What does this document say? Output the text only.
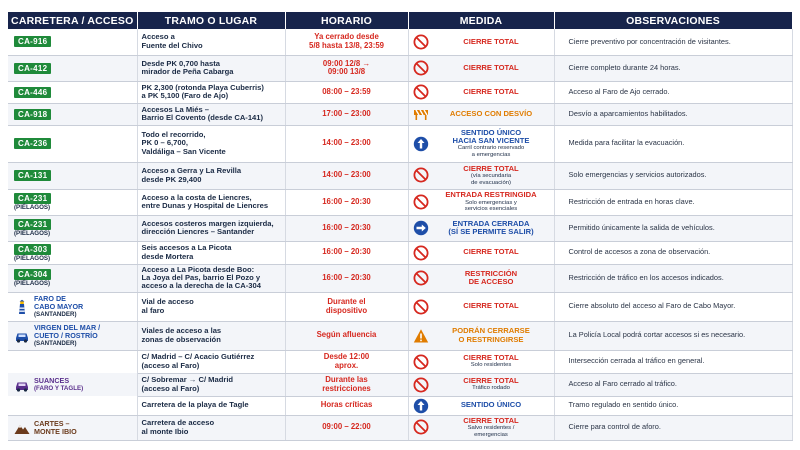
CARRETERA / ACCESO	TRAMO O LUGAR	HORARIO	MEDIDA	OBSERVACIONES
CA-916	Acceso a
Fuente del Chivo	Ya cerrado desde
5/8 hasta 13/8, 23:59	CIERRE TOTAL	Cierre preventivo por concentración de visitantes.
CA-412	Desde PK 0,700 hasta
mirador de Peña Cabarga	09:00 12/8 →
09:00 13/8	CIERRE TOTAL	Cierre completo durante 24 horas.
CA-446	PK 2,300 (rotonda Playa Cuberris)
a PK 5,100 (Faro de Ajo)	08:00 – 23:59	CIERRE TOTAL	Acceso al Faro de Ajo cerrado.
CA-918	Accesos La Miés –
Barrio El Covento (desde CA-141)	17:00 – 23:00	ACCESO CON DESVÍO	Desvío a aparcamientos habilitados.
CA-236	Todo el recorrido,
PK 0 – 6,700,
Valdáliga – San Vicente	14:00 – 23:00	SENTIDO ÚNICO
HACIA SAN VICENTE
Carril contrario reservado
a emergencias	Medida para facilitar la evacuación.
CA-131	Acceso a Gerra y La Revilla
desde PK 29,400	14:00 – 23:00	CIERRE TOTAL
(vía secundaria
de evacuación)	Solo emergencias y servicios autorizados.
CA-231
(PIÉLAGOS)	Acceso a la costa de Liencres,
entre Dunas y Hospital de Liencres	16:00 – 20:30	ENTRADA RESTRINGIDA
Solo emergencias y
servicios esenciales	Restricción de entrada en horas clave.
CA-231
(PIÉLAGOS)	Accesos costeros margen izquierda,
dirección Liencres – Santander	16:00 – 20:30	ENTRADA CERRADA
(SÍ SE PERMITE SALIR)	Permitido únicamente la salida de vehículos.
CA-303
(PIÉLAGOS)	Seis accesos a La Picota
desde Mortera	16:00 – 20:30	CIERRE TOTAL	Control de accesos a zona de observación.
CA-304
(PIÉLAGOS)	Acceso a La Picota desde Boo:
La Joya del Pas, barrio El Pozo y
acceso a la derecha de la CA-304	16:00 – 20:30	RESTRICCIÓN
DE ACCESO	Restricción de tráfico en los accesos indicados.

FARO DE
CABO MAYOR
(SANTANDER)	Vial de acceso
al faro	Durante el
dispositivo	CIERRE TOTAL	Cierre absoluto del acceso al Faro de Cabo Mayor.

VIRGEN DEL MAR /
CUETO / ROSTRÍO
(SANTANDER)	Viales de acceso a las
zonas de observación	Según afluencia	PODRÁN CERRARSE
O RESTRINGIRSE	La Policía Local podrá cortar accesos si es necesario.
	C/ Madrid – C/ Acacio Gutiérrez
(acceso al Faro)	Desde 12:00
aprox.	CIERRE TOTAL
Solo residentes	Intersección cerrada al tráfico en general.

SUANCES
(FARO Y TAGLE)	C/ Sobremar → C/ Madrid
(acceso al Faro)	Durante las
restricciones	CIERRE TOTAL
Tráfico rodado	Acceso al Faro cerrado al tráfico.
	Carretera de la playa de Tagle	Horas críticas	SENTIDO ÚNICO	Tramo regulado en sentido único.

CARTES –
MONTE IBIO	Carretera de acceso
al monte Ibio	09:00 – 22:00	CIERRE TOTAL
Salvo residentes /
emergencias	Cierre para control de aforo.
